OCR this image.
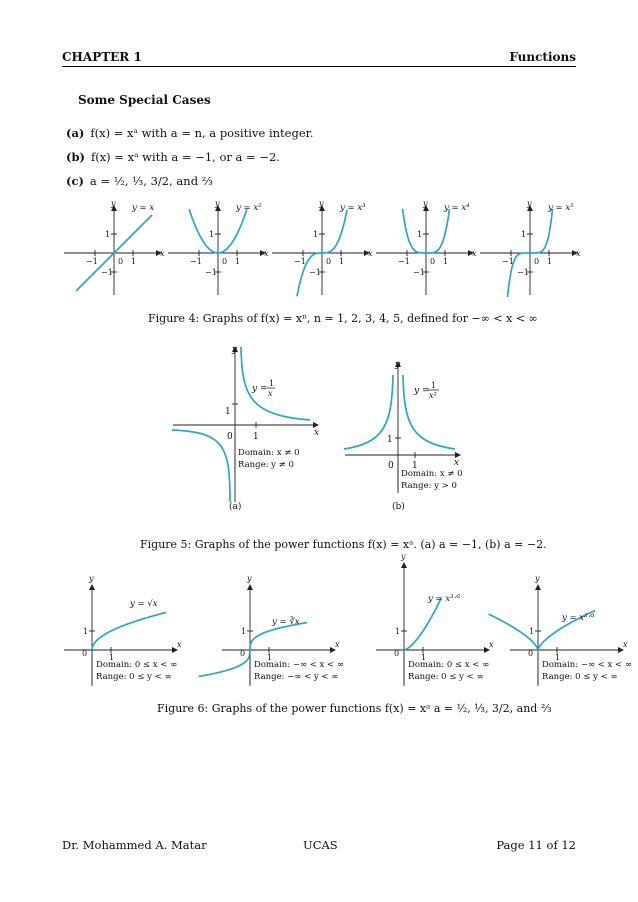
CHAPTER 1	Functions
Some Special Cases
(a) f(x) = xᵃ with a = n, a positive integer.
(b) f(x) = xᵃ with a = −1, or a = −2.
(c) a = ½, ⅓, 3/2, and ⅔
x
y
0 1
−1
1
−1
y = x
x
y
0 1
−1
1
−1
y = x²
x
y
0 1
−1
1
−1
y = x³
x
y
0 1
−1
1
−1
y = x⁴
x
y
0 1
−1
1
−1
y = x⁵
Figure 4: Graphs of f(x) = xⁿ, n = 1, 2, 3, 4, 5, defined for −∞ < x < ∞
x
y
0 1
1
y =
1
x
Domain: x ≠ 0
Range: y ≠ 0
(a)
x
y
0 1
1
y =
1
x²
Domain: x ≠ 0
Range: y > 0
(b)
Figure 5: Graphs of the power functions f(x) = xᵃ. (a) a = −1, (b) a = −2.
x
y
0	1
1
y = √x
Domain: 0 ≤ x < ∞
Range: 0 ≤ y < ∞
x
y
0	1
1
y = ∛x
Domain: −∞ < x < ∞
Range: −∞ < y < ∞
x
y
0	1
1
y = x³ᐟ²
Domain: 0 ≤ x < ∞
Range: 0 ≤ y < ∞
x
y
0	1
1
y = x²ᐟ³
Domain: −∞ < x < ∞
Range: 0 ≤ y < ∞
Figure 6: Graphs of the power functions f(x) = xᵃ a = ½, ⅓, 3/2, and ⅔
Dr. Mohammed A. Matar	UCAS	Page 11 of 12
